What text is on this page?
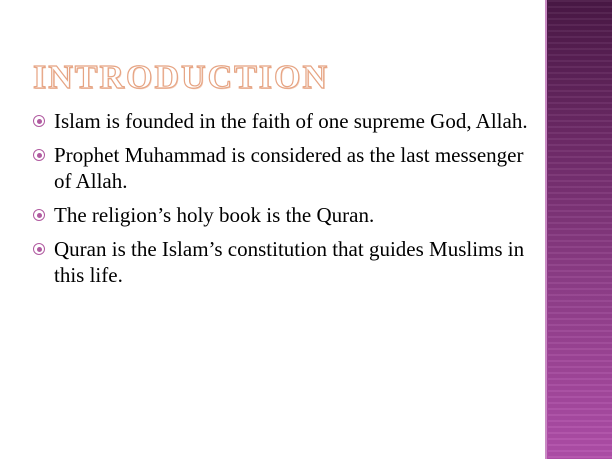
INTRODUCTION
Islam is founded in the faith of one supreme God, Allah.
Prophet Muhammad is considered as the last messenger of Allah.
The religion’s holy book is the Quran.
Quran is the Islam’s constitution that guides Muslims in this life.
